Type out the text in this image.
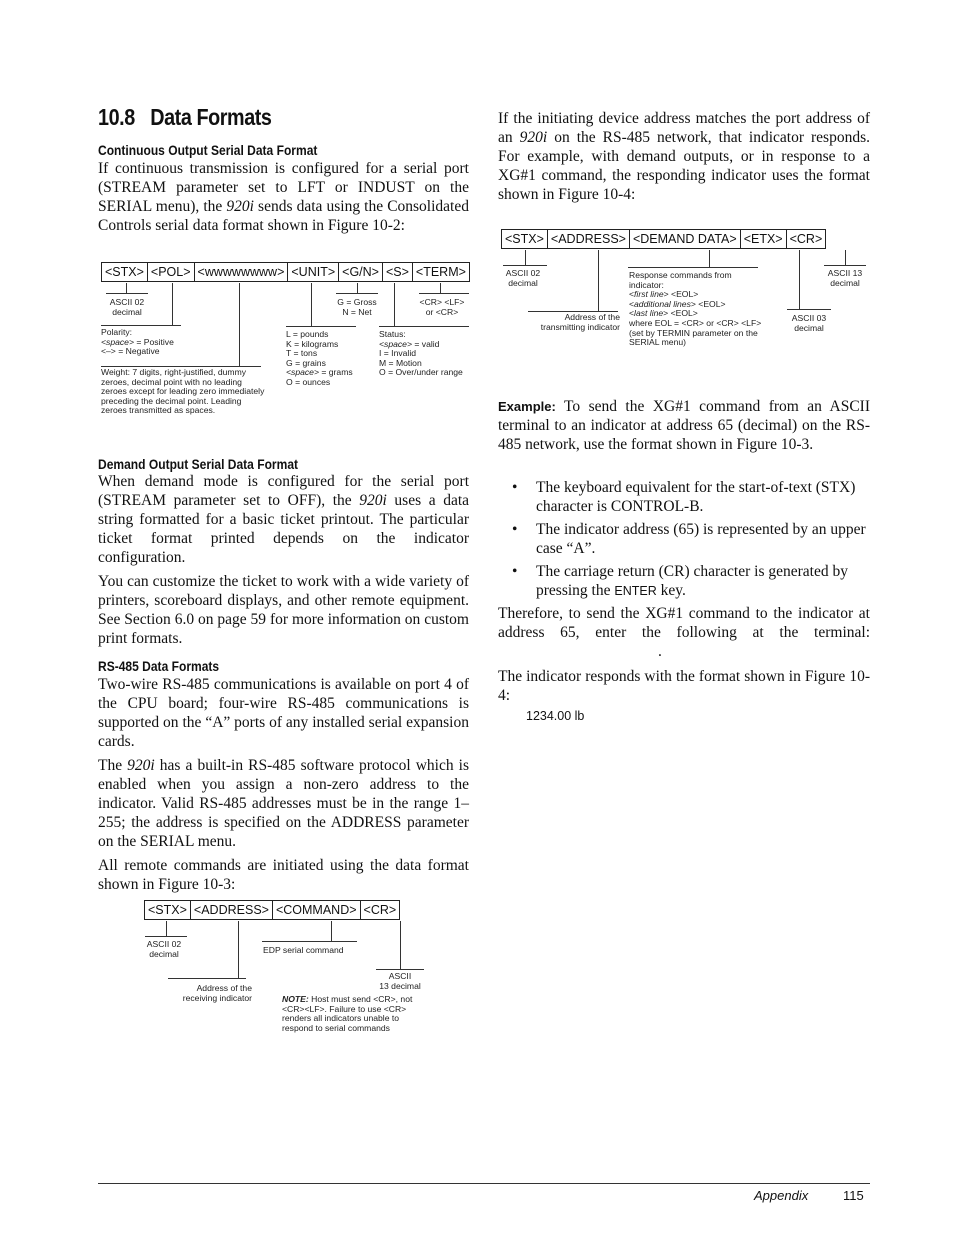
10.8 Data Formats
Continuous Output Serial Data Format

If continuous transmission is configured for a serial port (STREAM parameter set to LFT or INDUST on the SERIAL menu), the 920i sends data using the Consolidated Controls serial data format shown in Figure 10-2:

<STX> <POL> <wwwwwwww> <UNIT> <G/N> <S> <TERM>
ASCII 02
decimal
Polarity:
<space> = Positive
<–> = Negative
Weight: 7 digits, right-justified, dummy zeroes, decimal point with no leading zeroes except for leading zero immediately preceding the decimal point. Leading zeroes transmitted as spaces.
L = pounds
K = kilograms
T = tons
G = grains
<space> = grams
O = ounces
G = Gross
N = Net
Status:
<space> = valid
I = Invalid
M = Motion
O = Over/under range
<CR> <LF>
or <CR>
Demand Output Serial Data Format

When demand mode is configured for the serial port (STREAM parameter set to OFF), the 920i uses a data string formatted for a basic ticket printout. The particular ticket format printed depends on the indicator configuration.

You can customize the ticket to work with a wide variety of printers, scoreboard displays, and other remote equipment. See Section 6.0 on page 59 for more information on custom print formats.

RS-485 Data Formats

Two-wire RS-485 communications is available on port 4 of the CPU board; four-wire RS-485 communications is supported on the “A” ports of any installed serial expansion cards.

The 920i has a built-in RS-485 software protocol which is enabled when you assign a non-zero address to the indicator. Valid RS-485 addresses must be in the range 1–255; the address is specified on the ADDRESS parameter on the SERIAL menu.

All remote commands are initiated using the data format shown in Figure 10-3:

<STX> <ADDRESS> <COMMAND> <CR>
ASCII 02
decimal
Address of the
receiving indicator
EDP serial command
ASCII
13 decimal
NOTE: Host must send <CR>, not <CR><LF>. Failure to use <CR> renders all indicators unable to respond to serial commands

If the initiating device address matches the port address of an 920i on the RS-485 network, that indicator responds. For example, with demand outputs, or in response to a XG#1 command, the responding indicator uses the format shown in Figure 10-4:

<STX> <ADDRESS> <DEMAND DATA> <ETX> <CR>
ASCII 02
decimal
Address of the
transmitting indicator
Response commands from
indicator:
<first line> <EOL>
<additional lines> <EOL>
<last line> <EOL>
where EOL = <CR> or <CR> <LF>
(set by TERMIN parameter on the
SERIAL menu)
ASCII 03
decimal
ASCII 13
decimal

Example: To send the XG#1 command from an ASCII terminal to an indicator at address 65 (decimal) on the RS-485 network, use the format shown in Figure 10-3.

• The keyboard equivalent for the start-of-text (STX) character is CONTROL-B.
• The indicator address (65) is represented by an upper case “A”.
• The carriage return (CR) character is generated by pressing the ENTER key.

Therefore, to send the XG#1 command to the indicator at address 65, enter the following at the terminal:.

The indicator responds with the format shown in Figure 10-4:

1234.00 lb
Appendix	115
